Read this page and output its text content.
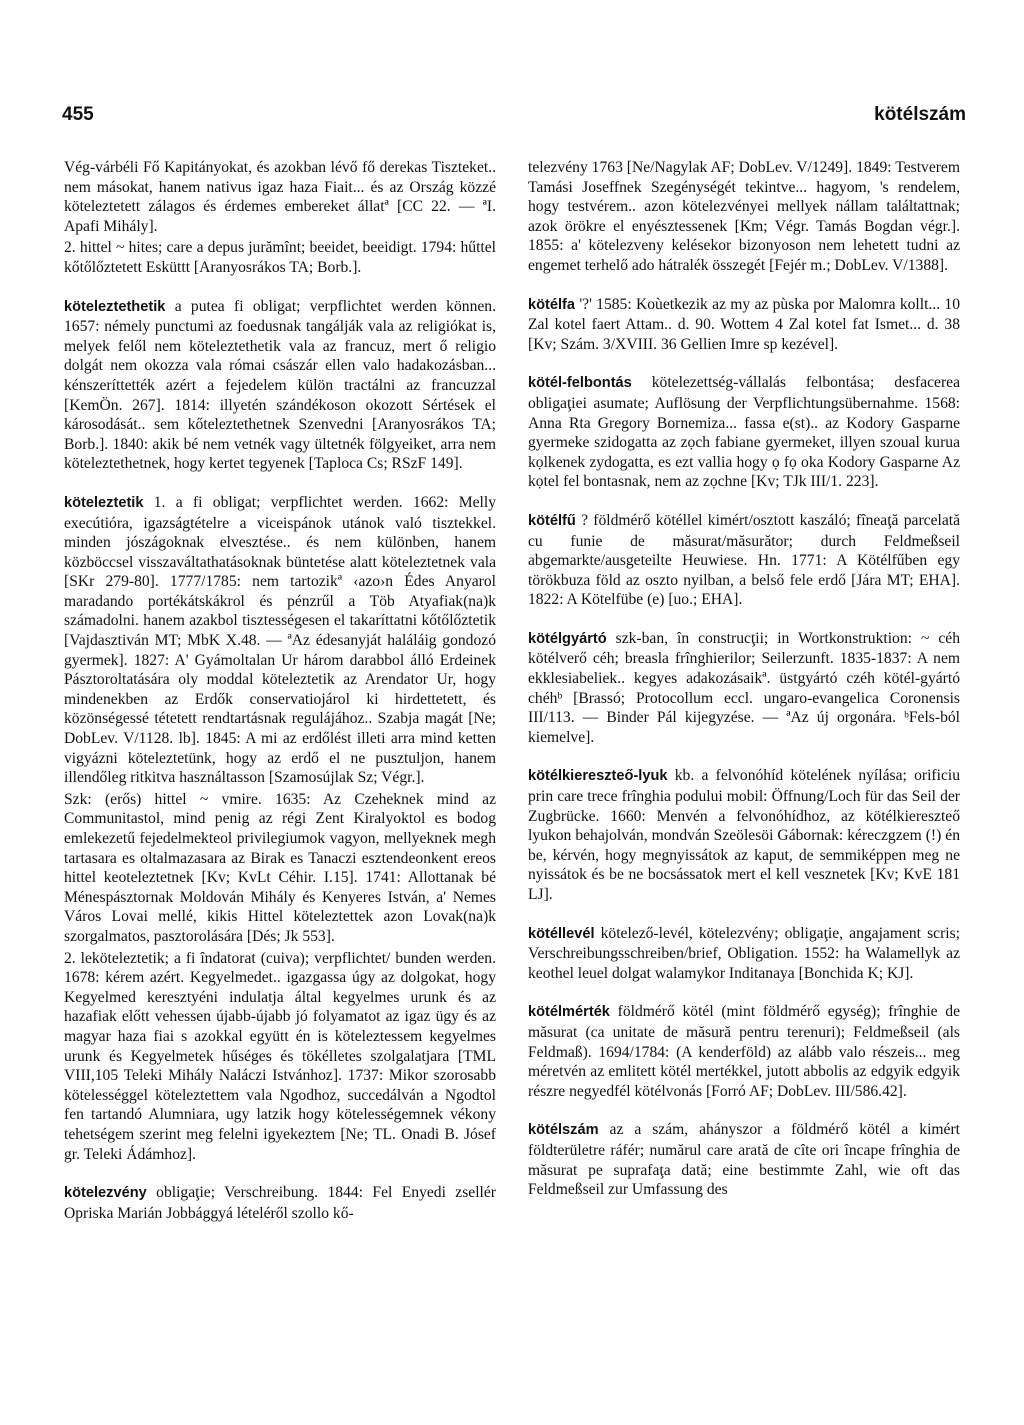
455	kötélszám

Vég-várbéli Fő Kapitányokat, és azokban lévő fő derekas Tiszteket.. nem másokat, hanem nativus igaz haza Fiait... és az Ország közzé köteleztetett zálagos és érdemes embereket állatª [CC 22. — ªI. Apafi Mihály].
2. hittel ~ hites; care a depus jurămînt; beeidet, beeidigt. 1794: hűttel kőtőlőztetett Esküttt [Aranyosrákos TA; Borb.].

köteleztethetik a putea fi obligat; verpflichtet werden können. 1657: némely punctumi az foedusnak tangálják vala az religiókat is, melyek felől nem köteleztethetik vala az francuz, mert ő religio dolgát nem okozza vala római császár ellen valo hadakozásban... kénszeríttették azért a fejedelem külön tractálni az francuzzal [KemÖn. 267]. 1814: illyetén szándékoson okozott Sértések el károsodását.. sem kőteleztethetnek Szenvedni [Aranyosrákos TA; Borb.]. 1840: akik bé nem vetnék vagy ültetnék fölgyeiket, arra nem köteleztethetnek, hogy kertet tegyenek [Taploca Cs; RSzF 149].

köteleztetik 1. a fi obligat; verpflichtet werden. 1662: Melly execútióra, igazságtételre a viceispánok utánok való tisztekkel. minden jószágoknak elvesztése.. és nem különben, hanem közböccsel visszaváltathatásoknak büntetése alatt köteleztetnek vala [SKr 279-80]. 1777/1785: nem tartozikª ‹azo›n Édes Anyarol maradando portékátskákrol és pénzrűl a Töb Atyafiak(na)k számadolni. hanem azakbol tisztességesen el takaríttatni kőtőlőztetik [Vajdasztiván MT; MbK X.48. — ªAz édesanyját haláláig gondozó gyermek]. 1827: A' Gyámoltalan Ur három darabbol álló Erdeinek Pásztoroltatására oly moddal köteleztetik az Arendator Ur, hogy mindenekben az Erdők conservatiojárol ki hirdettetett, és közönségessé tétetett rendtartásnak regulájához.. Szabja magát [Ne; DobLev. V/1128. lb]. 1845: A mi az erdőlést illeti arra mind ketten vigyázni köteleztetünk, hogy az erdő el ne pusztuljon, hanem illendőleg ritkitva használtasson [Szamosújlak Sz; Végr.].
Szk: (erős) hittel ~ vmire. 1635: Az Czeheknek mind az Communitastol, mind penig az régi Zent Kiralyoktol es bodog emlekezetű fejedelmekteol privilegiumok vagyon, mellyeknek megh tartasara es oltalmazasara az Birak es Tanaczi esztendeonkent ereos hittel keoteleztetnek [Kv; KvLt Céhir. I.15]. 1741: Allottanak bé Ménespásztornak Moldován Mihály és Kenyeres István, a' Nemes Város Lovai mellé, kikis Hittel köteleztettek azon Lovak(na)k szorgalmatos, pasztorolására [Dés; Jk 553].
2. leköteleztetik; a fi îndatorat (cuiva); verpflichtet/ bunden werden. 1678: kérem azért. Kegyelmedet.. igazgassa úgy az dolgokat, hogy Kegyelmed keresztyéni indulatja által kegyelmes urunk és az hazafiak előtt vehessen újabb-újabb jó folyamatot az igaz ügy és az magyar haza fiai s azokkal együtt én is köteleztessem kegyelmes urunk és Kegyelmetek hűséges és tökélletes szolgalatjara [TML VIII,105 Teleki Mihály Naláczi Istvánhoz]. 1737: Mikor szorosabb kötelességgel köteleztettem vala Ngodhoz, succedálván a Ngodtol fen tartandó Alumniara, ugy latzik hogy kötelességemnek vékony tehetségem szerint meg felelni igyekeztem [Ne; TL. Onadi B. Jósef gr. Teleki Ádámhoz].

kötelezvény obligaţie; Verschreibung. 1844: Fel Enyedi zsellér Opriska Marián Jobbággyá lételéről szollo kő-

telezvény 1763 [Ne/Nagylak AF; DobLev. V/1249]. 1849: Testverem Tamási Joseffnek Szegénységét tekintve... hagyom, 's rendelem, hogy testvérem.. azon kötelezvényei mellyek nállam találtattnak; azok örökre el enyésztessenek [Km; Végr. Tamás Bogdan végr.]. 1855: a' kötelezveny kelésekor bizonyoson nem lehetett tudni az engemet terhelő ado hátralék összegét [Fejér m.; DobLev. V/1388].

kötélfa '?' 1585: Koùetkezik az my az pùska por Malomra kollt... 10 Zal kotel faert Attam.. d. 90. Wottem 4 Zal kotel fat Ismet... d. 38 [Kv; Szám. 3/XVIII. 36 Gellien Imre sp kezével].

kötél-felbontás kötelezettség-vállalás felbontása; desfacerea obligaţiei asumate; Auflösung der Verpflichtungsübernahme. 1568: Anna Rta Gregory Bornemiza... fassa e(st).. az Kodory Gasparne gyermeke szidogatta az zọch fabiane gyermeket, illyen szoual kurua kọlkenek zydogatta, es ezt vallia hogy ọ fọ oka Kodory Gasparne Az kọtel fel bontasnak, nem az zọchne [Kv; TJk III/1. 223].

kötélfű ? földmérő kötéllel kimért/osztott kaszáló; fîneaţă parcelată cu funie de măsurat/măsurător; durch Feldmeßseil abgemarkte/ausgeteilte Heuwiese. Hn. 1771: A Kötélfűben egy törökbuza föld az oszto nyilban, a belső fele erdő [Jára MT; EHA]. 1822: A Kötelfübe (e) [uo.; EHA].

kötélgyártó szk-ban, în construcţii; in Wortkonstruktion: ~ céh kötélverő céh; breasla frînghierilor; Seilerzunft. 1835-1837: A nem ekklesiabeliek.. kegyes adakozásaikª. üstgyártó czéh kötél-gyártó chéhᵇ [Brassó; Protocollum eccl. ungaro-evangelica Coronensis III/113. — Binder Pál kijegyzése. — ªAz új orgonára. ᵇFels-ból kiemelve].

kötélkiereszteő-lyuk kb. a felvonóhíd kötelének nyílása; orificiu prin care trece frînghia podului mobil: Öffnung/Loch für das Seil der Zugbrücke. 1660: Menvén a felvonóhídhoz, az kötélkiereszteő lyukon behajolván, mondván Szeölesöi Gábornak: kéreczgzem (!) én be, kérvén, hogy megnyissátok az kaput, de semmiképpen meg ne nyissátok és be ne bocsássatok mert el kell vesznetek [Kv; KvE 181 LJ].

kötéllevél kötelező-levél, kötelezvény; obligaţie, angajament scris; Verschreibungsschreiben/brief, Obligation. 1552: ha Walamellyk az keothel leuel dolgat walamykor Inditanaya [Bonchida K; KJ].

kötélmérték földmérő kötél (mint földmérő egység); frînghie de măsurat (ca unitate de măsură pentru terenuri); Feldmeßseil (als Feldmaß). 1694/1784: (A kenderföld) az alább valo részeis... meg méretvén az emlitett kötél mertékkel, jutott abbolis az edgyik edgyik részre negyedfél kötélvonás [Forró AF; DobLev. III/586.42].

kötélszám az a szám, ahányszor a földmérő kötél a kimért földterületre ráfér; numărul care arată de cîte ori încape frînghia de măsurat pe suprafaţa dată; eine bestimmte Zahl, wie oft das Feldmeßseil zur Umfassung des
